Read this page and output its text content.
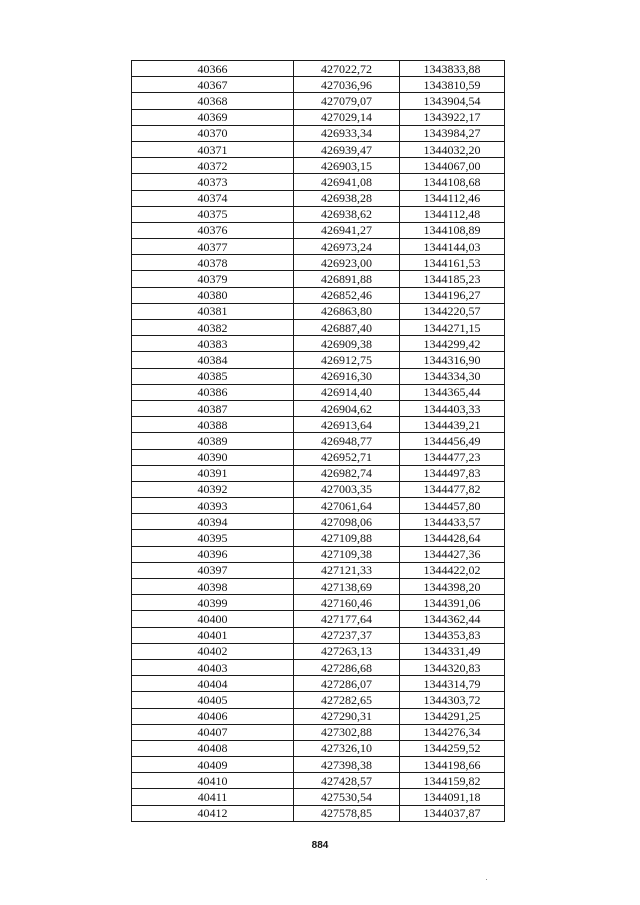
40366	427022,72	1343833,88
40367	427036,96	1343810,59
40368	427079,07	1343904,54
40369	427029,14	1343922,17
40370	426933,34	1343984,27
40371	426939,47	1344032,20
40372	426903,15	1344067,00
40373	426941,08	1344108,68
40374	426938,28	1344112,46
40375	426938,62	1344112,48
40376	426941,27	1344108,89
40377	426973,24	1344144,03
40378	426923,00	1344161,53
40379	426891,88	1344185,23
40380	426852,46	1344196,27
40381	426863,80	1344220,57
40382	426887,40	1344271,15
40383	426909,38	1344299,42
40384	426912,75	1344316,90
40385	426916,30	1344334,30
40386	426914,40	1344365,44
40387	426904,62	1344403,33
40388	426913,64	1344439,21
40389	426948,77	1344456,49
40390	426952,71	1344477,23
40391	426982,74	1344497,83
40392	427003,35	1344477,82
40393	427061,64	1344457,80
40394	427098,06	1344433,57
40395	427109,88	1344428,64
40396	427109,38	1344427,36
40397	427121,33	1344422,02
40398	427138,69	1344398,20
40399	427160,46	1344391,06
40400	427177,64	1344362,44
40401	427237,37	1344353,83
40402	427263,13	1344331,49
40403	427286,68	1344320,83
40404	427286,07	1344314,79
40405	427282,65	1344303,72
40406	427290,31	1344291,25
40407	427302,88	1344276,34
40408	427326,10	1344259,52
40409	427398,38	1344198,66
40410	427428,57	1344159,82
40411	427530,54	1344091,18
40412	427578,85	1344037,87
884
